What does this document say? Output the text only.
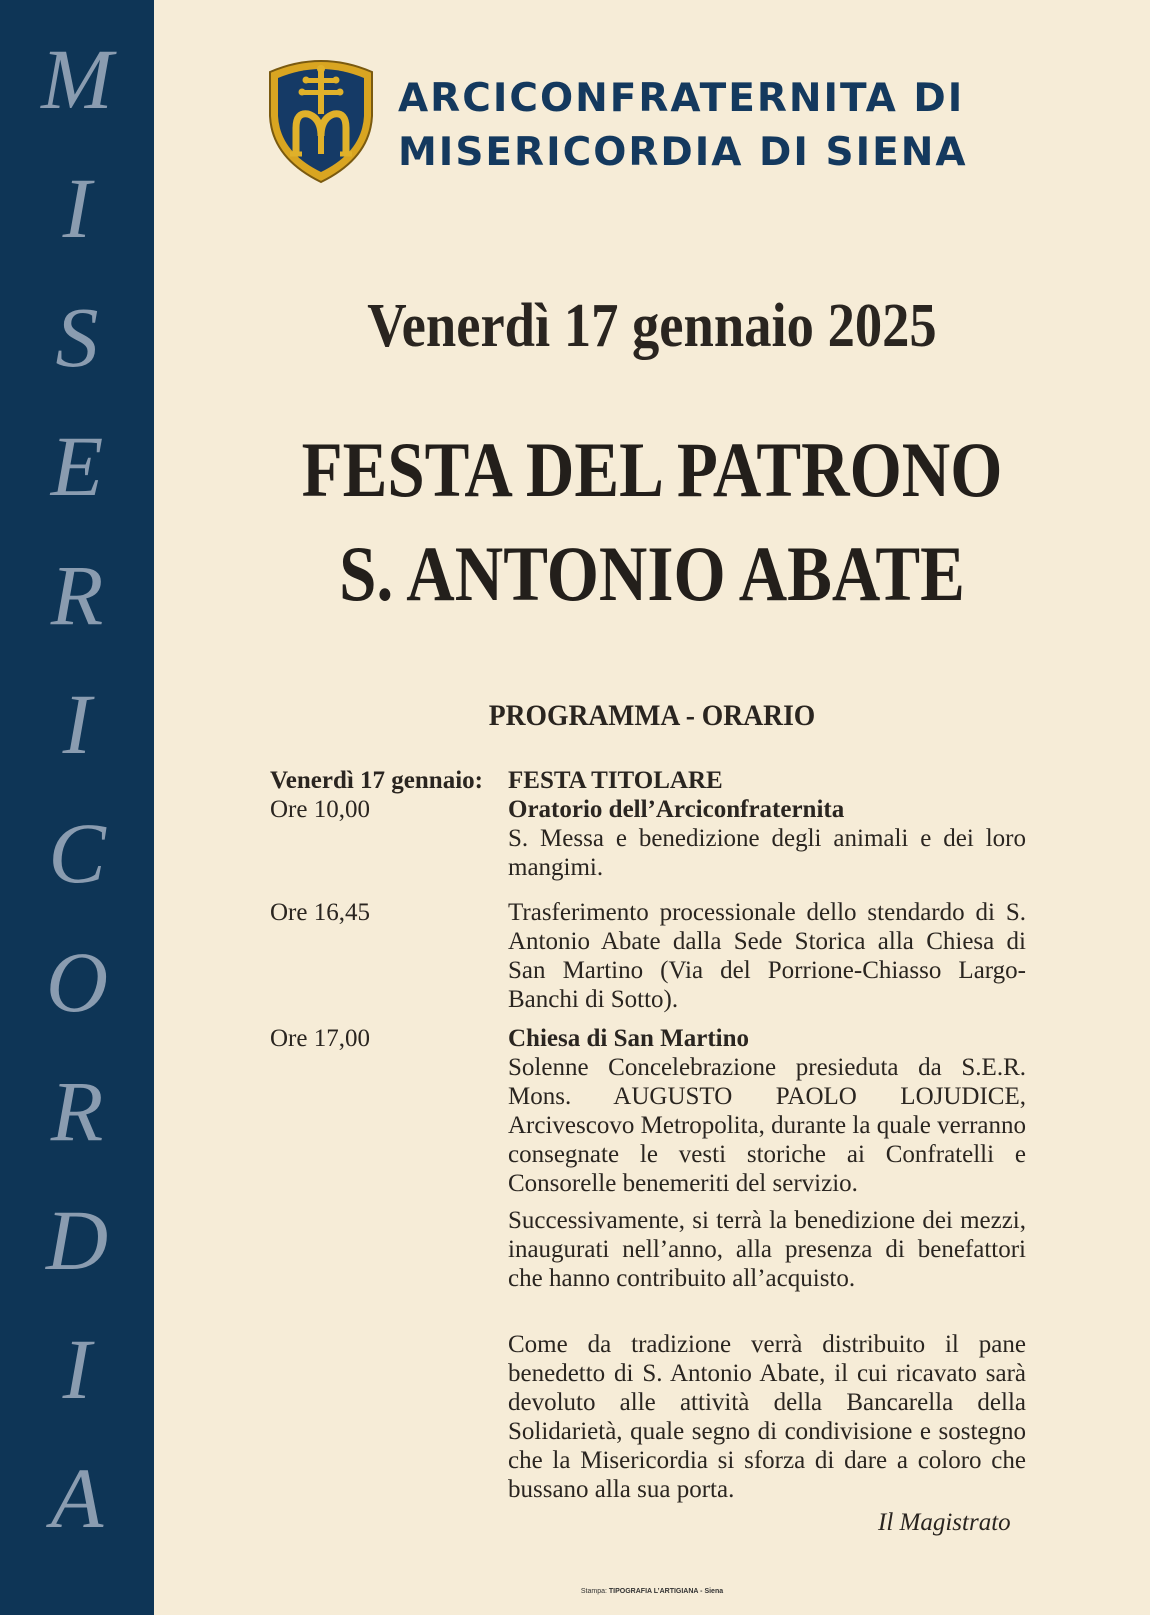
M
I
S
E
R
I
C
O
R
D
I
A
ARCICONFRATERNITA DI
MISERICORDIA DI SIENA
Venerdì 17 gennaio 2025
FESTA DEL PATRONO
S. ANTONIO ABATE
PROGRAMMA - ORARIO
Venerdì 17 gennaio:	FESTA TITOLARE
Ore 10,00	Oratorio dell’Arciconfraternita

S. Messa e benedizione degli animali e dei loro mangimi.

Ore 16,45	Trasferimento processionale dello stendardo di S. Antonio Abate dalla Sede Storica alla Chiesa di San Martino (Via del Porrione-Chiasso Largo-Banchi di Sotto).

Ore 17,00	Chiesa di San Martino

Solenne Concelebrazione presieduta da S.E.R. Mons. AUGUSTO PAOLO LOJUDICE, Arcivescovo Metropolita, durante la quale verranno consegnate le vesti storiche ai Confratelli e Consorelle benemeriti del servizio.

Successivamente, si terrà la benedizione dei mezzi, inaugurati nell’anno, alla presenza di benefattori che hanno contribuito all’acquisto.

Come da tradizione verrà distribuito il pane benedetto di S. Antonio Abate, il cui ricavato sarà devoluto alle attività della Bancarella della Solidarietà, quale segno di condivisione e sostegno che la Misericordia si sforza di dare a coloro che bussano alla sua porta.
Il Magistrato
Stampa: TIPOGRAFIA L’ARTIGIANA - Siena
